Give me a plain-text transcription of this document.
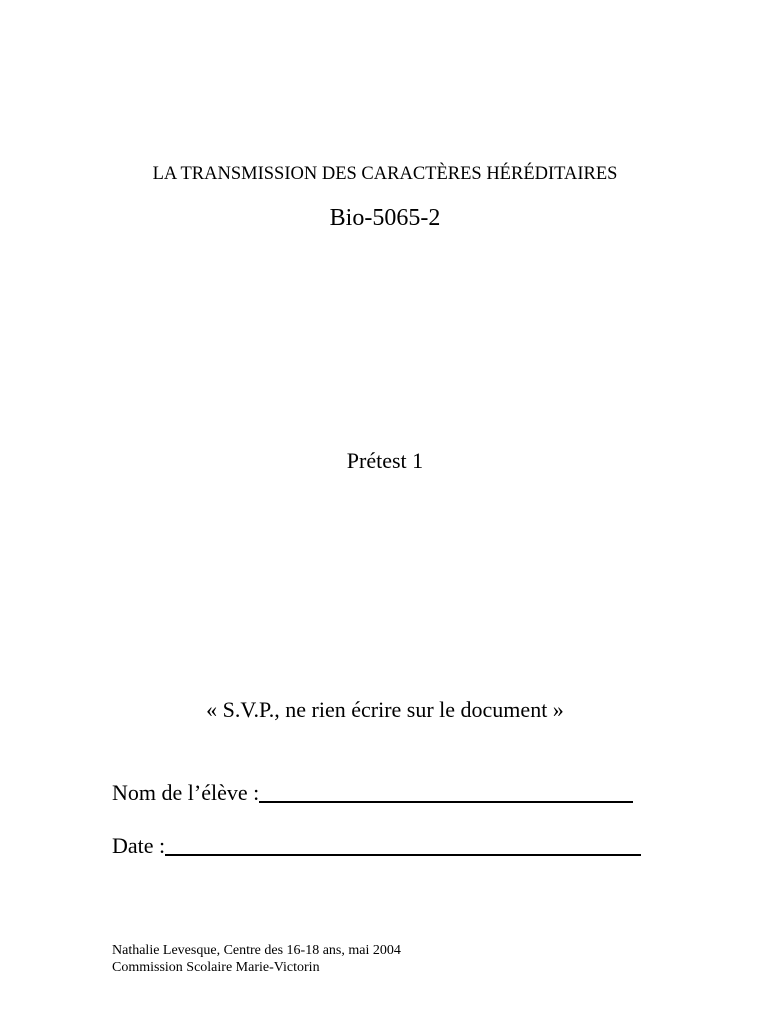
LA TRANSMISSION DES CARACTÈRES HÉRÉDITAIRES
Bio-5065-2
Prétest 1
« S.V.P., ne rien écrire sur le document »
Nom de l’élève :
Date :
Nathalie Levesque, Centre des 16-18 ans, mai 2004
Commission Scolaire Marie-Victorin
